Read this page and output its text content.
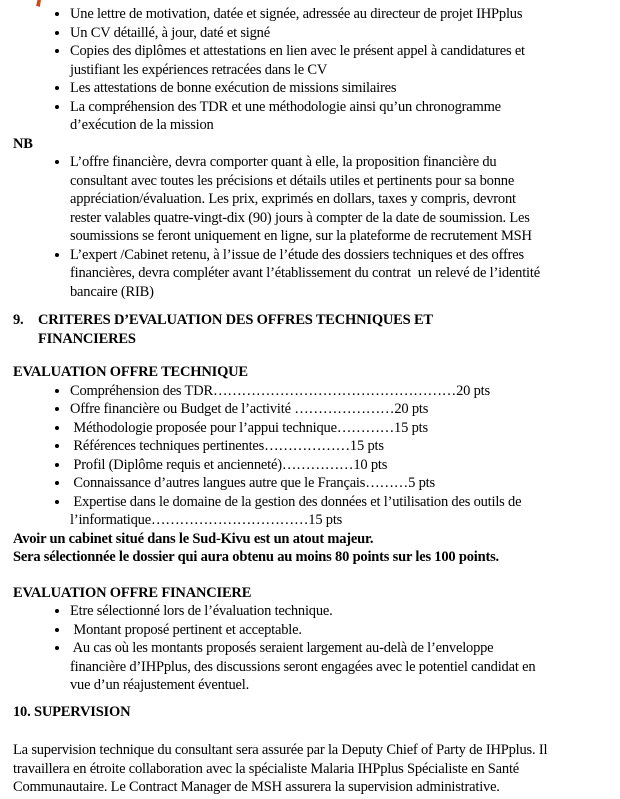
• Une lettre de motivation, datée et signée, adressée au directeur de projet IHPplus
• Un CV détaillé, à jour, daté et signé
• Copies des diplômes et attestations en lien avec le présent appel à candidatures et
justifiant les expériences retracées dans le CV
• Les attestations de bonne exécution de missions similaires
• La compréhension des TDR et une méthodologie ainsi qu’un chronogramme
d’exécution de la mission
NB
• L’offre financière, devra comporter quant à elle, la proposition financière du
consultant avec toutes les précisions et détails utiles et pertinents pour sa bonne
appréciation/évaluation. Les prix, exprimés en dollars, taxes y compris, devront
rester valables quatre-vingt-dix (90) jours à compter de la date de soumission. Les
soumissions se feront uniquement en ligne, sur la plateforme de recrutement MSH
• L’expert /Cabinet retenu, à l’issue de l’étude des dossiers techniques et des offres
financières, devra compléter avant l’établissement du contrat  un relevé de l’identité
bancaire (RIB)
9.	CRITERES D’EVALUATION DES OFFRES TECHNIQUES ET
FINANCIERES
EVALUATION OFFRE TECHNIQUE
• Compréhension des TDR……………………………………………20 pts
• Offre financière ou Budget de l’activité …………………20 pts
•  Méthodologie proposée pour l’appui technique…………15 pts
•  Références techniques pertinentes………………15 pts
•  Profil (Diplôme requis et ancienneté)……………10 pts
•  Connaissance d’autres langues autre que le Français………5 pts
•  Expertise dans le domaine de la gestion des données et l’utilisation des outils de
l’informatique……………………………15 pts
Avoir un cabinet situé dans le Sud-Kivu est un atout majeur.
Sera sélectionnée le dossier qui aura obtenu au moins 80 points sur les 100 points.
EVALUATION OFFRE FINANCIERE
• Etre sélectionné lors de l’évaluation technique.
•  Montant proposé pertinent et acceptable.
•  Au cas où les montants proposés seraient largement au-delà de l’enveloppe
financière d’IHPplus, des discussions seront engagées avec le potentiel candidat en
vue d’un réajustement éventuel.
10. SUPERVISION
La supervision technique du consultant sera assurée par la Deputy Chief of Party de IHPplus. Il
travaillera en étroite collaboration avec la spécialiste Malaria IHPplus Spécialiste en Santé
Communautaire. Le Contract Manager de MSH assurera la supervision administrative.
